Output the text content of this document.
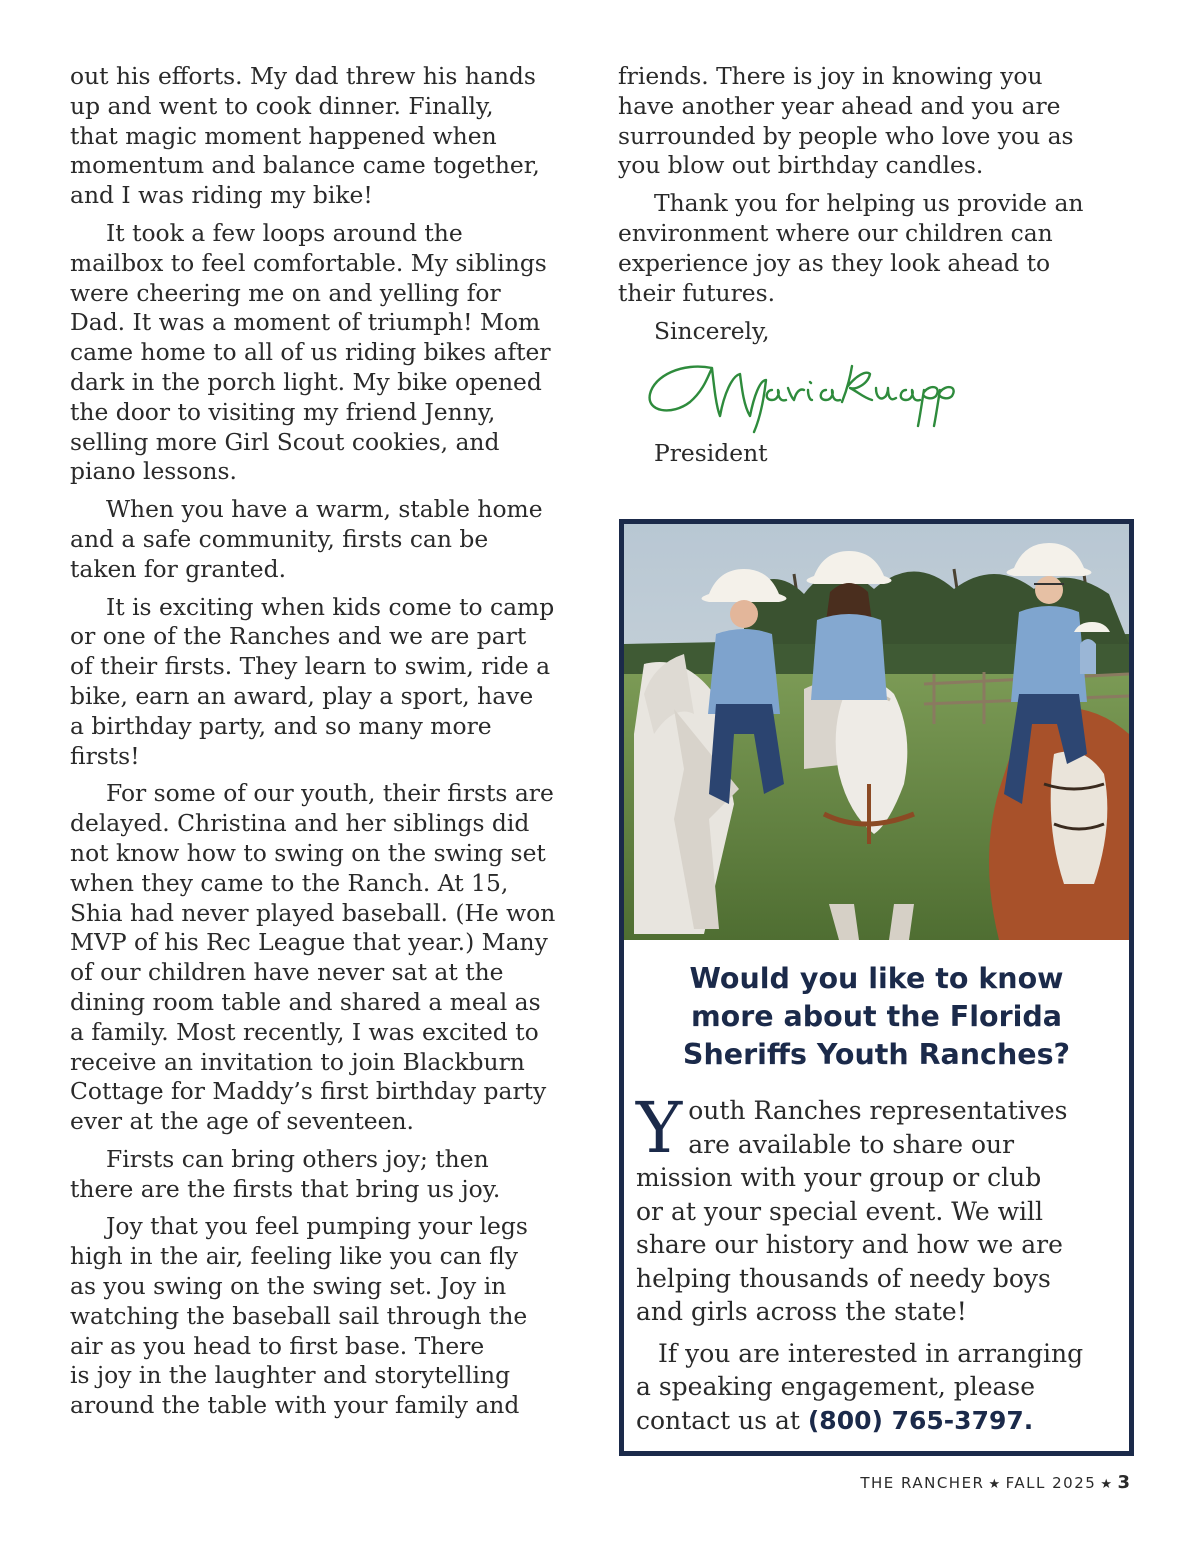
out his efforts. My dad threw his hands
up and went to cook dinner. Finally,
that magic moment happened when
momentum and balance came together,
and I was riding my bike!

It took a few loops around the
mailbox to feel comfortable. My siblings
were cheering me on and yelling for
Dad. It was a moment of triumph! Mom
came home to all of us riding bikes after
dark in the porch light. My bike opened
the door to visiting my friend Jenny,
selling more Girl Scout cookies, and
piano lessons.

When you have a warm, stable home
and a safe community, firsts can be
taken for granted.

It is exciting when kids come to camp
or one of the Ranches and we are part
of their firsts. They learn to swim, ride a
bike, earn an award, play a sport, have
a birthday party, and so many more
firsts!

For some of our youth, their firsts are
delayed. Christina and her siblings did
not know how to swing on the swing set
when they came to the Ranch. At 15,
Shia had never played baseball. (He won
MVP of his Rec League that year.) Many
of our children have never sat at the
dining room table and shared a meal as
a family. Most recently, I was excited to
receive an invitation to join Blackburn
Cottage for Maddy’s first birthday party
ever at the age of seventeen.

Firsts can bring others joy; then
there are the firsts that bring us joy.

Joy that you feel pumping your legs
high in the air, feeling like you can fly
as you swing on the swing set. Joy in
watching the baseball sail through the
air as you head to first base. There
is joy in the laughter and storytelling
around the table with your family and

friends. There is joy in knowing you
have another year ahead and you are
surrounded by people who love you as
you blow out birthday candles.

Thank you for helping us provide an
environment where our children can
experience joy as they look ahead to
their futures.

Sincerely,

President

Would you like to know
more about the Florida
Sheriffs Youth Ranches?

Youth Ranches representatives
are available to share our
mission with your group or club
or at your special event. We will
share our history and how we are
helping thousands of needy boys
and girls across the state!

If you are interested in arranging
a speaking engagement, please
contact us at (800) 765-3797.

THE RANCHER ★ FALL 2025 ★ 3
